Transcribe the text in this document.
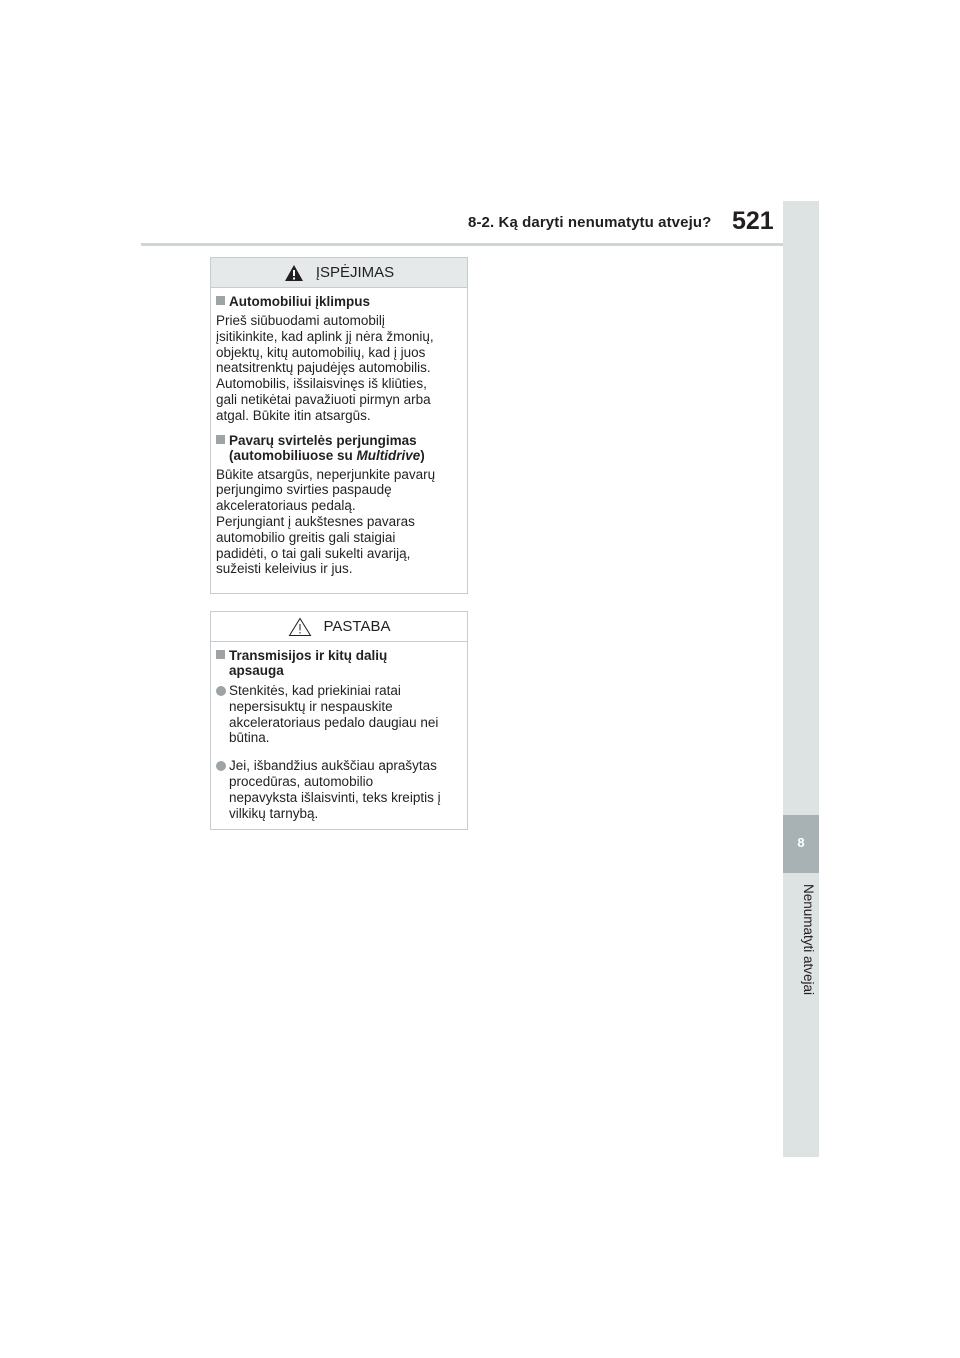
8-2. Ką daryti nenumatytu atveju? 521
8
Nenumatyti atvejai
ĮSPĖJIMAS
Automobiliui įklimpus
Prieš siūbuodami automobilį
įsitikinkite, kad aplink jį nėra žmonių,
objektų, kitų automobilių, kad į juos
neatsitrenktų pajudėjęs automobilis.
Automobilis, išsilaisvinęs iš kliūties,
gali netikėtai pavažiuoti pirmyn arba
atgal. Būkite itin atsargūs.
Pavarų svirtelės perjungimas
(automobiliuose su Multidrive)
Būkite atsargūs, neperjunkite pavarų
perjungimo svirties paspaudę
akceleratoriaus pedalą.
Perjungiant į aukštesnes pavaras
automobilio greitis gali staigiai
padidėti, o tai gali sukelti avariją,
sužeisti keleivius ir jus.
PASTABA
Transmisijos ir kitų dalių
apsauga
Stenkitės, kad priekiniai ratai
nepersisuktų ir nespauskite
akceleratoriaus pedalo daugiau nei
būtina.
Jei, išbandžius aukščiau aprašytas
procedūras, automobilio
nepavyksta išlaisvinti, teks kreiptis į
vilkikų tarnybą.
